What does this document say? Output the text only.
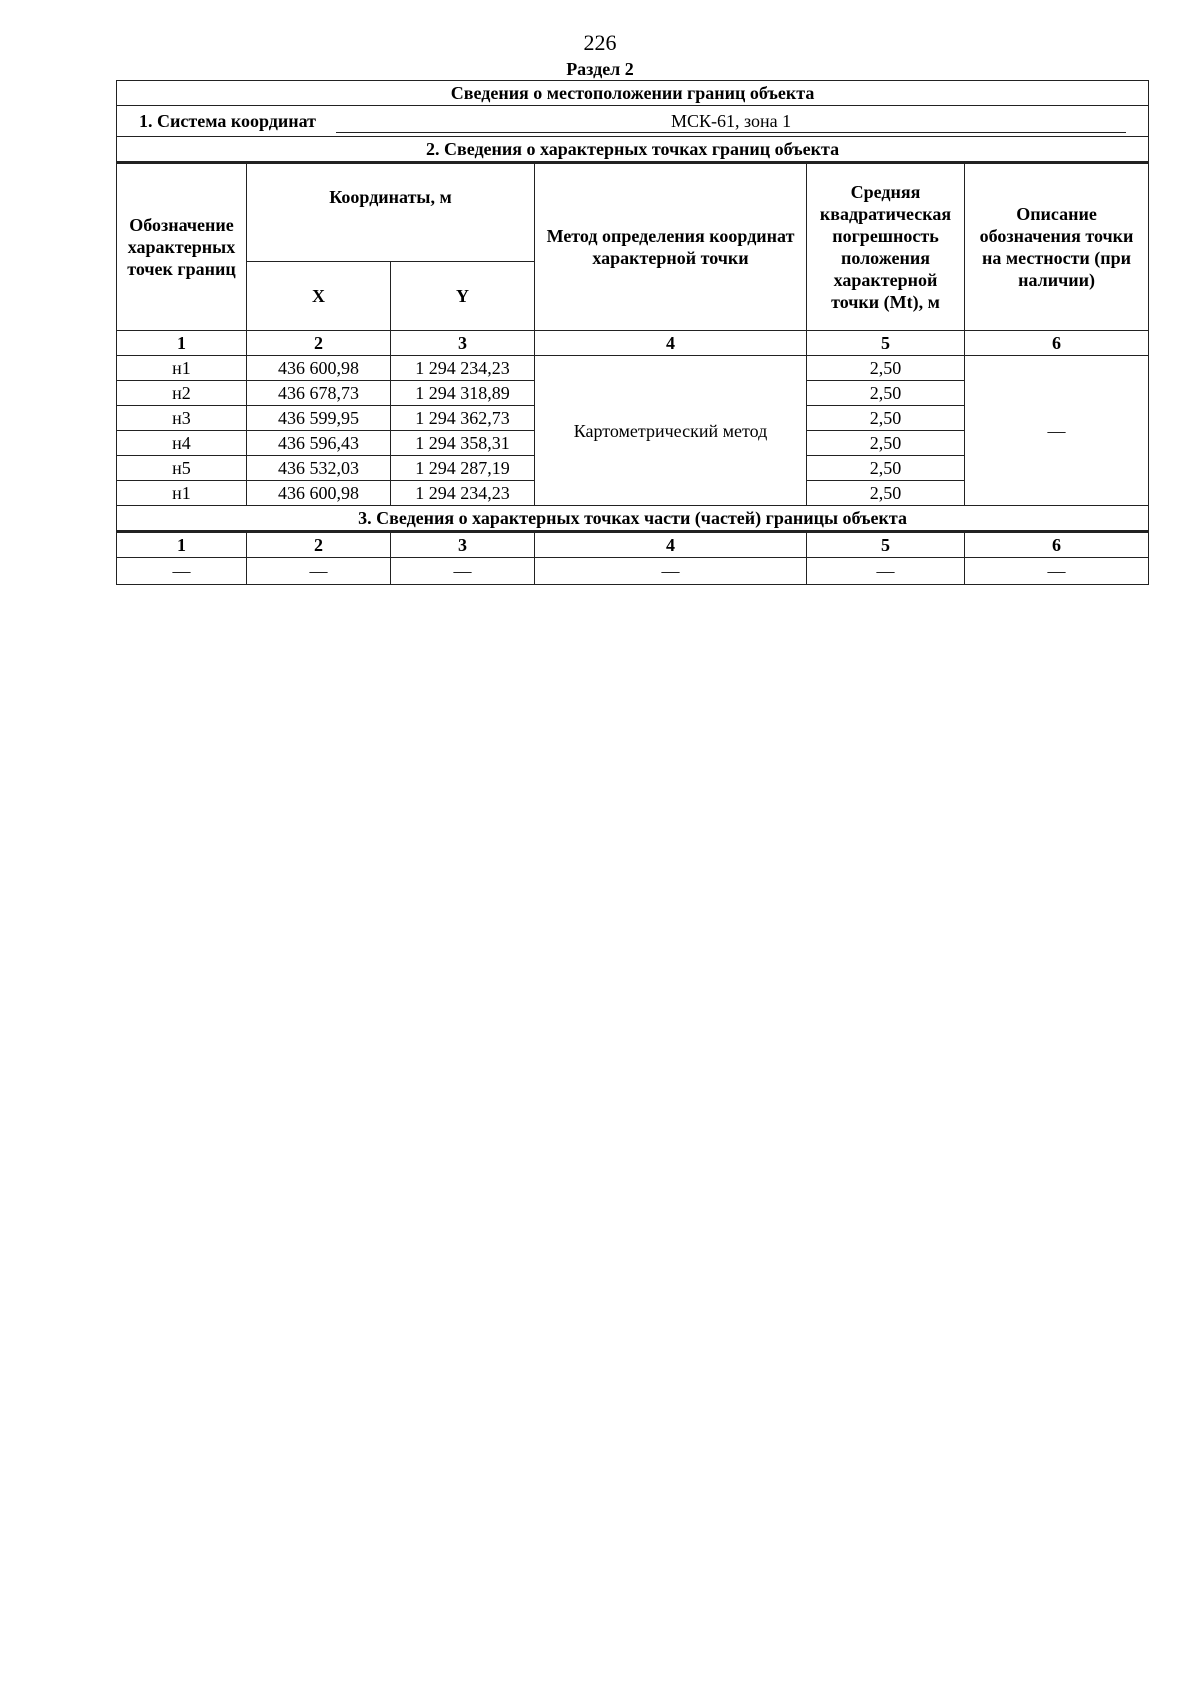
226
Раздел 2
Сведения о местоположении границ объекта					
1. Система координат МСК-61, зона 1					
2. Сведения о характерных точках границ объекта					
Обозначение характерных точек границ	Координаты, м		Метод определения координат характерной точки	Средняя квадратическая погрешность положения характерной точки (Mt), м	Описание обозначения точки на местности (при наличии)
	X	Y			
1	2	3	4	5	6
н1	436 600,98	1 294 234,23	Картометрический метод	2,50	—
н2	436 678,73	1 294 318,89		2,50	
н3	436 599,95	1 294 362,73		2,50	
н4	436 596,43	1 294 358,31		2,50	
н5	436 532,03	1 294 287,19		2,50	
н1	436 600,98	1 294 234,23		2,50	
3. Сведения о характерных точках части (частей) границы объекта					
1	2	3	4	5	6
—	—	—	—	—	—
